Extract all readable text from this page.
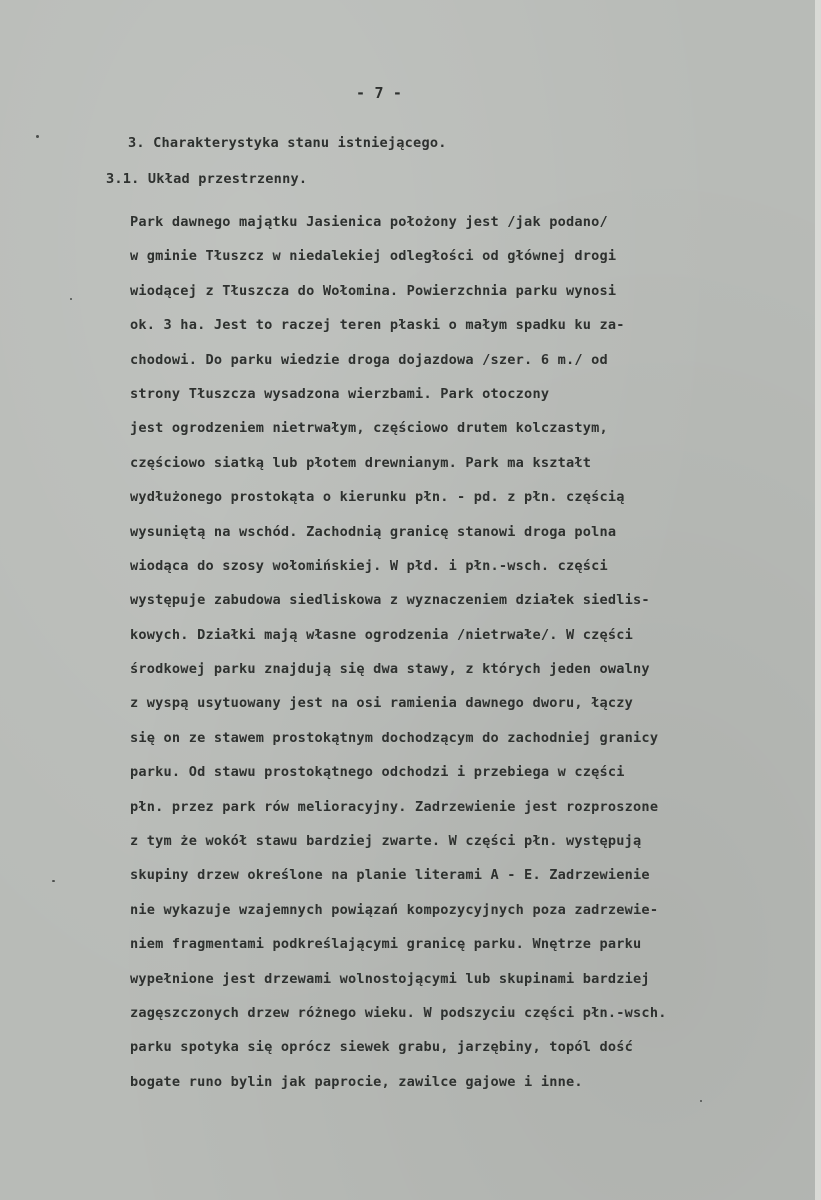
- 7 -

3. Charakterystyka stanu istniejącego.

3.1. Układ przestrzenny.

Park dawnego majątku Jasienica położony jest /jak podano/
w gminie Tłuszcz w niedalekiej odległości od głównej drogi
wiodącej z Tłuszcza do Wołomina. Powierzchnia parku wynosi
ok. 3 ha. Jest to raczej teren płaski o małym spadku ku za-
chodowi. Do parku wiedzie droga dojazdowa /szer. 6 m./ od
strony Tłuszcza wysadzona wierzbami. Park otoczony
jest ogrodzeniem nietrwałym, częściowo drutem kolczastym,
częściowo siatką lub płotem drewnianym. Park ma kształt
wydłużonego prostokąta o kierunku płn. - pd. z płn. częścią
wysuniętą na wschód. Zachodnią granicę stanowi droga polna
wiodąca do szosy wołomińskiej. W płd. i płn.-wsch. części
występuje zabudowa siedliskowa z wyznaczeniem działek siedlis-
kowych. Działki mają własne ogrodzenia /nietrwałe/. W części
środkowej parku znajdują się dwa stawy, z których jeden owalny
z wyspą usytuowany jest na osi ramienia dawnego dworu, łączy
się on ze stawem prostokątnym dochodzącym do zachodniej granicy
parku. Od stawu prostokątnego odchodzi i przebiega w części
płn. przez park rów melioracyjny. Zadrzewienie jest rozproszone
z tym że wokół stawu bardziej zwarte. W części płn. występują
skupiny drzew określone na planie literami A - E. Zadrzewienie
nie wykazuje wzajemnych powiązań kompozycyjnych poza zadrzewie-
niem fragmentami podkreślającymi granicę parku. Wnętrze parku
wypełnione jest drzewami wolnostojącymi lub skupinami bardziej
zagęszczonych drzew różnego wieku. W podszyciu części płn.-wsch.
parku spotyka się oprócz siewek grabu, jarzębiny, topól dość
bogate runo bylin jak paprocie, zawilce gajowe i inne.
